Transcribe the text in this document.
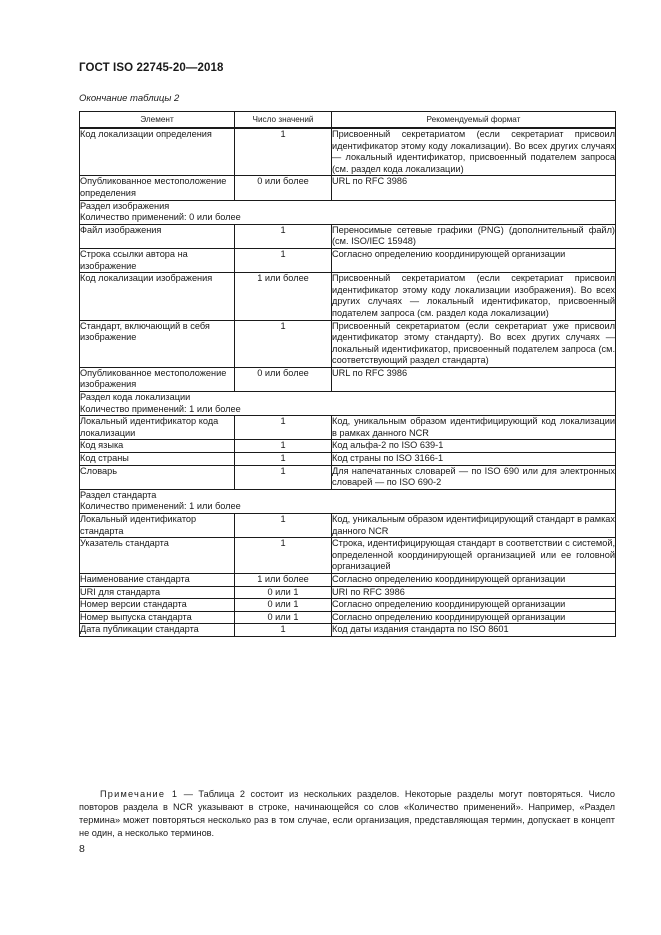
ГОСТ ISO 22745-20—2018
Окончание таблицы 2
Элемент	Число значений	Рекомендуемый формат
Код локализации определения	1	Присвоенный секретариатом (если секретариат присвоил идентификатор этому коду локализации). Во всех других случаях — локальный идентификатор, присвоенный подателем запроса (см. раздел кода локализации)
Опубликованное местоположение определения	0 или более	URL по RFC 3986

Раздел изображения
Количество применений: 0 или более		

Файл изображения	1	Переносимые сетевые графики (PNG) (дополнительный файл) (см. ISO/IEC 15948)
Строка ссылки автора на изображение	1	Согласно определению координирующей организации
Код локализации изображения	1 или более	Присвоенный секретариатом (если секретариат присвоил идентификатор этому коду локализации изображения). Во всех других случаях — локальный идентификатор, присвоенный подателем запроса (см. раздел кода локализации)
Стандарт, включающий в себя изображение	1	Присвоенный секретариатом (если секретариат уже присвоил идентификатор этому стандарту). Во всех других случаях — локальный идентификатор, присвоенный подателем запроса (см. соответствующий раздел стандарта)
Опубликованное местоположение изображения	0 или более	URL по RFC 3986

Раздел кода локализации
Количество применений: 1 или более		

Локальный идентификатор кода локализации	1	Код, уникальным образом идентифицирующий код локализации в рамках данного NCR
Код языка	1	Код альфа-2 по ISO 639-1
Код страны	1	Код страны по ISO 3166-1
Словарь	1	Для напечатанных словарей — по ISO 690 или для электронных словарей — по ISO 690-2

Раздел стандарта
Количество применений: 1 или более		

Локальный идентификатор стандарта	1	Код, уникальным образом идентифицирующий стандарт в рамках данного NCR
Указатель стандарта	1	Строка, идентифицирующая стандарт в соответствии с системой, определенной координирующей организацией или ее головной организацией
Наименование стандарта	1 или более	Согласно определению координирующей организации
URI для стандарта	0 или 1	URI по RFC 3986
Номер версии стандарта	0 или 1	Согласно определению координирующей организации
Номер выпуска стандарта	0 или 1	Согласно определению координирующей организации
Дата публикации стандарта	1	Код даты издания стандарта по ISO 8601
Примечание 1 — Таблица 2 состоит из нескольких разделов. Некоторые разделы могут повторяться. Число повторов раздела в NCR указывают в строке, начинающейся со слов «Количество применений». Например, «Раздел термина» может повторяться несколько раз в том случае, если организация, представляющая термин, допускает в концепт не один, а несколько терминов.
8
